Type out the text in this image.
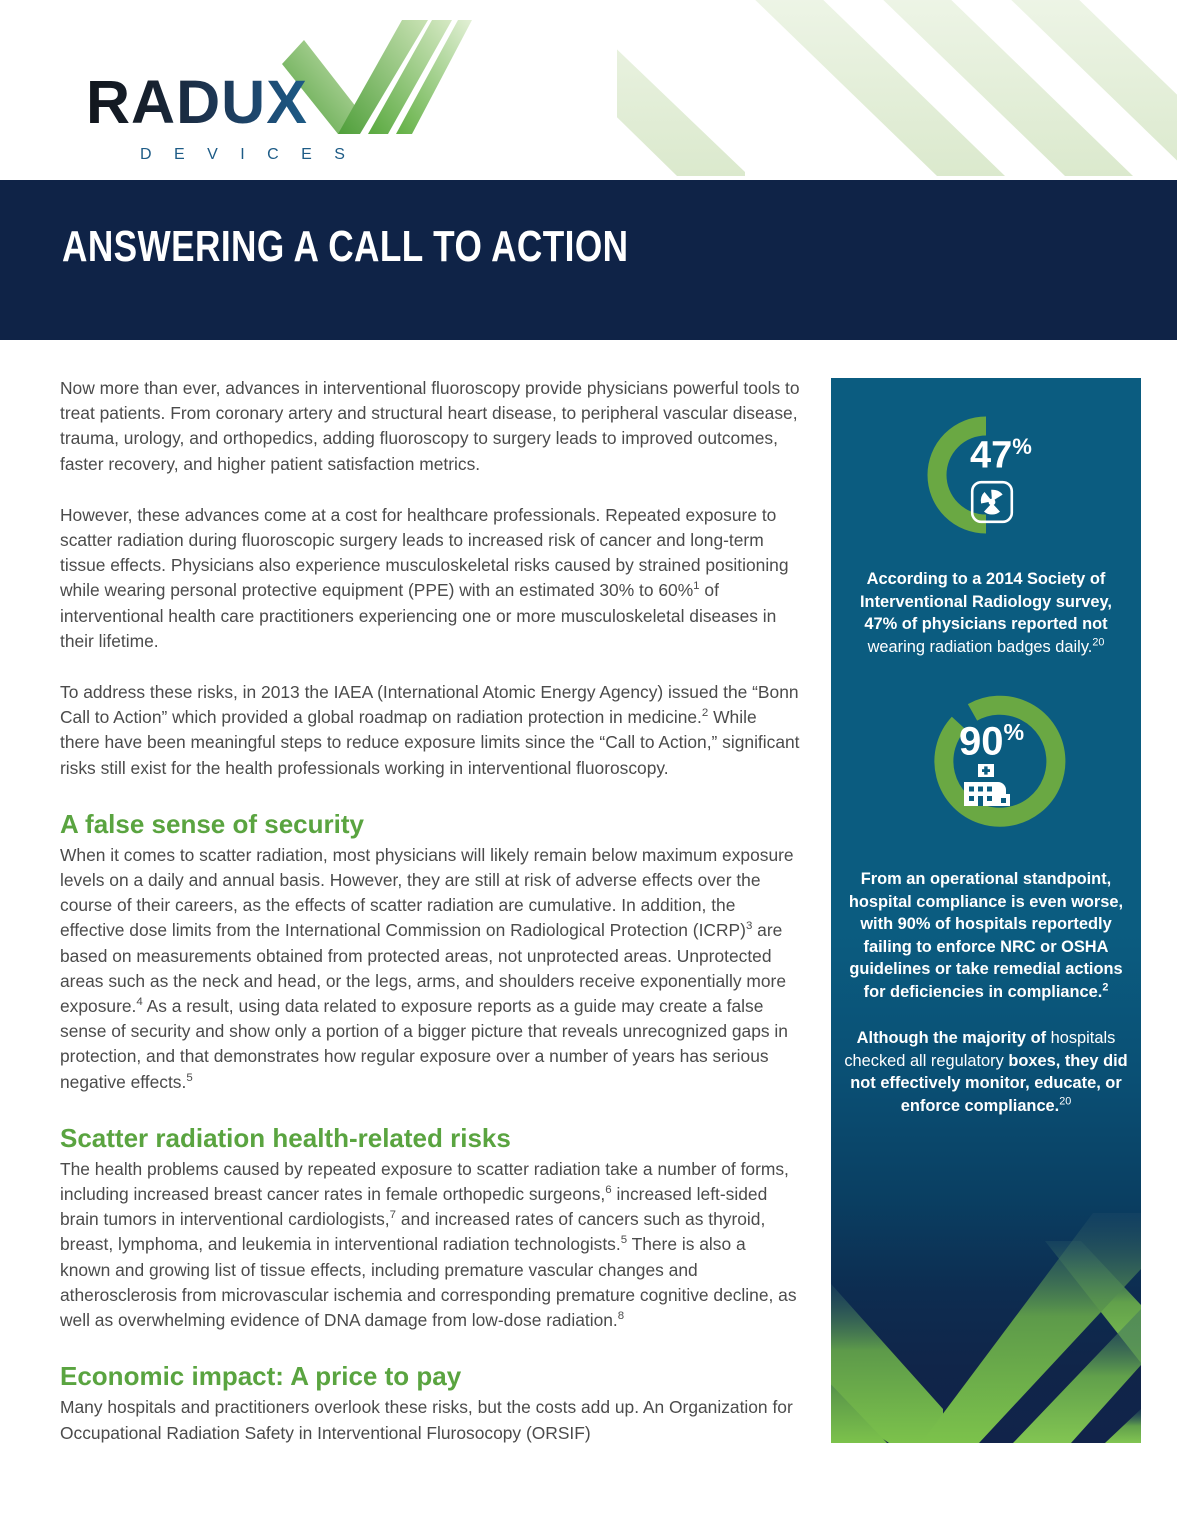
RADUX
D E V I C E S
ANSWERING A CALL TO ACTION

Now more than ever, advances in interventional fluoroscopy provide physicians powerful tools to treat patients. From coronary artery and structural heart disease, to peripheral vascular disease, trauma, urology, and orthopedics, adding fluoroscopy to surgery leads to improved outcomes, faster recovery, and higher patient satisfaction metrics.

However, these advances come at a cost for healthcare professionals. Repeated exposure to scatter radiation during fluoroscopic surgery leads to increased risk of cancer and long-term tissue effects. Physicians also experience musculoskeletal risks caused by strained positioning while wearing personal protective equipment (PPE) with an estimated 30% to 60%$^1$ of interventional health care practitioners experiencing one or more musculoskeletal diseases in their lifetime.

To address these risks, in 2013 the IAEA (International Atomic Energy Agency) issued the “Bonn Call to Action” which provided a global roadmap on radiation protection in medicine.$^2$ While there have been meaningful steps to reduce exposure limits since the “Call to Action,” significant risks still exist for the health professionals working in interventional fluoroscopy.

A false sense of security

When it comes to scatter radiation, most physicians will likely remain below maximum exposure levels on a daily and annual basis. However, they are still at risk of adverse effects over the course of their careers, as the effects of scatter radiation are cumulative. In addition, the effective dose limits from the International Commission on Radiological Protection (ICRP)$^3$ are based on measurements obtained from protected areas, not unprotected areas. Unprotected areas such as the neck and head, or the legs, arms, and shoulders receive exponentially more exposure.$^4$ As a result, using data related to exposure reports as a guide may create a false sense of security and show only a portion of a bigger picture that reveals unrecognized gaps in protection, and that demonstrates how regular exposure over a number of years has serious negative effects.$^5$

Scatter radiation health-related risks

The health problems caused by repeated exposure to scatter radiation take a number of forms, including increased breast cancer rates in female orthopedic surgeons,$^6$ increased left-sided brain tumors in interventional cardiologists,$^7$ and increased rates of cancers such as thyroid, breast, lymphoma, and leukemia in interventional radiation technologists.$^5$ There is also a known and growing list of tissue effects, including premature vascular changes and atherosclerosis from microvascular ischemia and corresponding premature cognitive decline, as well as overwhelming evidence of DNA damage from low-dose radiation.$^8$

Economic impact: A price to pay

Many hospitals and practitioners overlook these risks, but the costs add up. An Organization for Occupational Radiation Safety in Interventional Flurosocopy (ORSIF)

47%
According to a 2014 Society of Interventional Radiology survey, 47% of physicians reported not wearing radiation badges daily.$^{20}$
90%
From an operational standpoint, hospital compliance is even worse, with 90% of hospitals reportedly failing to enforce NRC or OSHA guidelines or take remedial actions for deficiencies in compliance.$^2$
Although the majority of hospitals checked all regulatory boxes, they did not effectively monitor, educate, or enforce compliance.$^{20}$
